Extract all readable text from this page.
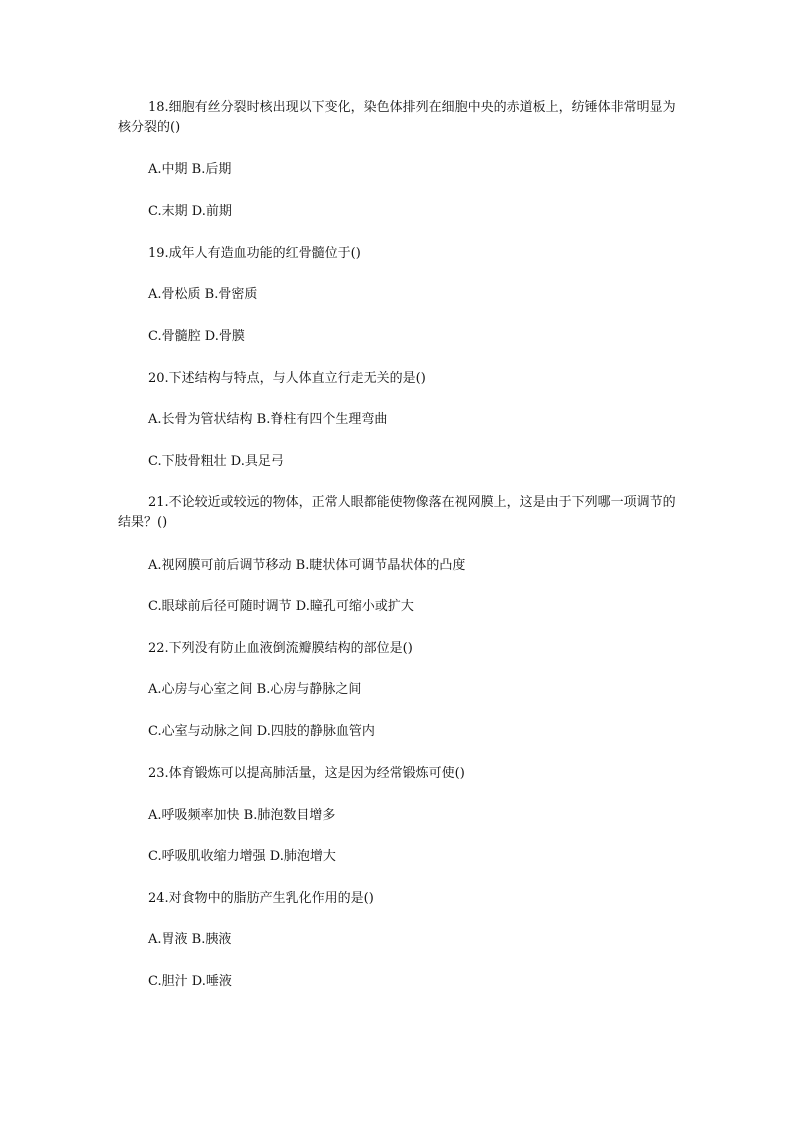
18.细胞有丝分裂时核出现以下变化，染色体排列在细胞中央的赤道板上，纺锤体非常明显为核分裂的()

A.中期 B.后期

C.末期 D.前期

19.成年人有造血功能的红骨髓位于()

A.骨松质 B.骨密质

C.骨髓腔 D.骨膜

20.下述结构与特点，与人体直立行走无关的是()

A.长骨为管状结构 B.脊柱有四个生理弯曲

C.下肢骨粗壮 D.具足弓

21.不论较近或较远的物体，正常人眼都能使物像落在视网膜上，这是由于下列哪一项调节的结果？()

A.视网膜可前后调节移动 B.睫状体可调节晶状体的凸度

C.眼球前后径可随时调节 D.瞳孔可缩小或扩大

22.下列没有防止血液倒流瓣膜结构的部位是()

A.心房与心室之间 B.心房与静脉之间

C.心室与动脉之间 D.四肢的静脉血管内

23.体育锻炼可以提高肺活量，这是因为经常锻炼可使()

A.呼吸频率加快 B.肺泡数目增多

C.呼吸肌收缩力增强 D.肺泡增大

24.对食物中的脂肪产生乳化作用的是()

A.胃液 B.胰液

C.胆汁 D.唾液
